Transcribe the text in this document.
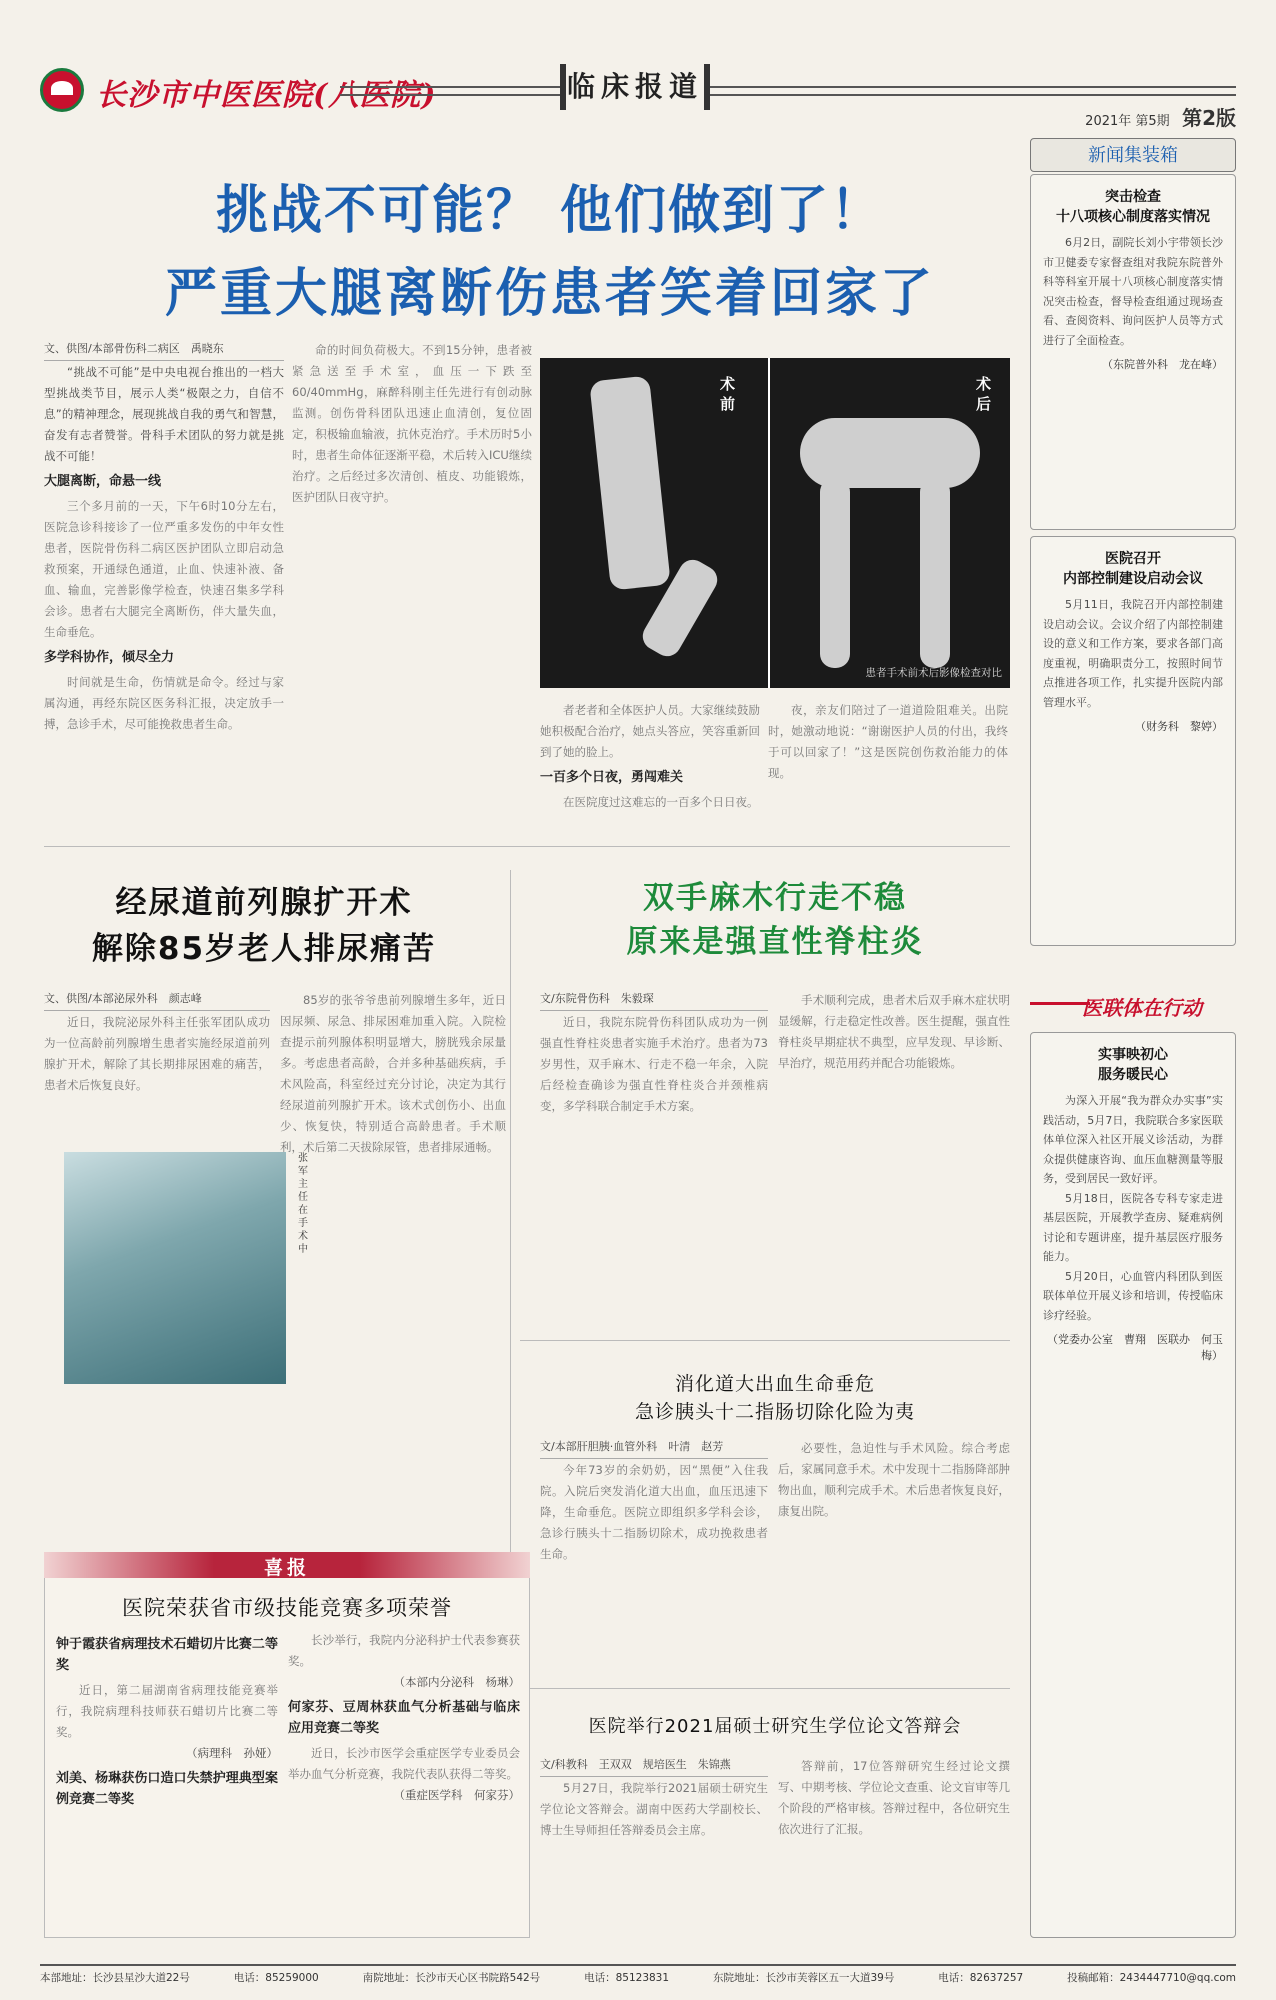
长沙市中医医院(八医院)	临床报道
2021年 第5期 第2版
挑战不可能？ 他们做到了！
严重大腿离断伤患者笑着回家了
文、供图/本部骨伤科二病区　禹晓东

“挑战不可能”是中央电视台推出的一档大型挑战类节目，展示人类“极限之力，自信不息”的精神理念，展现挑战自我的勇气和智慧，奋发有志者赞誉。骨科手术团队的努力就是挑战不可能！

大腿离断，命悬一线

三个多月前的一天，下午6时10分左右，医院急诊科接诊了一位严重多发伤的中年女性患者，医院骨伤科二病区医护团队立即启动急救预案，开通绿色通道，止血、快速补液、备血、输血，完善影像学检查，快速召集多学科会诊。患者右大腿完全离断伤，伴大量失血，生命垂危。

多学科协作，倾尽全力

时间就是生命，伤情就是命令。经过与家属沟通，再经东院区医务科汇报，决定放手一搏，急诊手术，尽可能挽救患者生命。

命的时间负荷极大。不到15分钟，患者被紧急送至手术室，血压一下跌至60/40mmHg，麻醉科刚主任先进行有创动脉监测。创伤骨科团队迅速止血清创，复位固定，积极输血输液，抗休克治疗。手术历时5小时，患者生命体征逐渐平稳，术后转入ICU继续治疗。之后经过多次清创、植皮、功能锻炼，医护团队日夜守护。

者老者和全体医护人员。大家继续鼓励她积极配合治疗，她点头答应，笑容重新回到了她的脸上。

一百多个日夜，勇闯难关

在医院度过这难忘的一百多个日日夜。

夜，亲友们陪过了一道道险阻难关。出院时，她激动地说：“谢谢医护人员的付出，我终于可以回家了！”这是医院创伤救治能力的体现。

术前
术后
患者手术前术后影像检查对比
经尿道前列腺扩开术
解除85岁老人排尿痛苦
文、供图/本部泌尿外科　颜志峰

近日，我院泌尿外科主任张军团队成功为一位高龄前列腺增生患者实施经尿道前列腺扩开术，解除了其长期排尿困难的痛苦，患者术后恢复良好。

张军主任在手术中

85岁的张爷爷患前列腺增生多年，近日因尿频、尿急、排尿困难加重入院。入院检查提示前列腺体积明显增大，膀胱残余尿量多。考虑患者高龄，合并多种基础疾病，手术风险高，科室经过充分讨论，决定为其行经尿道前列腺扩开术。该术式创伤小、出血少、恢复快，特别适合高龄患者。手术顺利，术后第二天拔除尿管，患者排尿通畅。

双手麻木行走不稳
原来是强直性脊柱炎
文/东院骨伤科　朱毅琛

近日，我院东院骨伤科团队成功为一例强直性脊柱炎患者实施手术治疗。患者为73岁男性，双手麻木、行走不稳一年余，入院后经检查确诊为强直性脊柱炎合并颈椎病变，多学科联合制定手术方案。

手术顺利完成，患者术后双手麻木症状明显缓解，行走稳定性改善。医生提醒，强直性脊柱炎早期症状不典型，应早发现、早诊断、早治疗，规范用药并配合功能锻炼。

消化道大出血生命垂危
急诊胰头十二指肠切除化险为夷
文/本部肝胆胰·血管外科　叶清　赵芳

今年73岁的余奶奶，因“黑便”入住我院。入院后突发消化道大出血，血压迅速下降，生命垂危。医院立即组织多学科会诊，急诊行胰头十二指肠切除术，成功挽救患者生命。

必要性，急迫性与手术风险。综合考虑后，家属同意手术。术中发现十二指肠降部肿物出血，顺利完成手术。术后患者恢复良好，康复出院。

医院举行2021届硕士研究生学位论文答辩会
文/科教科　王双双　规培医生　朱锦燕

5月27日，我院举行2021届硕士研究生学位论文答辩会。湖南中医药大学副校长、博士生导师担任答辩委员会主席。

答辩前，17位答辩研究生经过论文撰写、中期考核、学位论文查重、论文盲审等几个阶段的严格审核。答辩过程中，各位研究生依次进行了汇报。

喜报
医院荣获省市级技能竞赛多项荣誉
钟于霞获省病理技术石蜡切片比赛二等奖

近日，第二届湖南省病理技能竞赛举行，我院病理科技师获石蜡切片比赛二等奖。

（病理科　孙娅）
刘美、杨琳获伤口造口失禁护理典型案例竞赛二等奖

长沙举行，我院内分泌科护士代表参赛获奖。

（本部内分泌科　杨琳）
何家芬、豆周林获血气分析基础与临床应用竞赛二等奖

近日，长沙市医学会重症医学专业委员会举办血气分析竞赛，我院代表队获得二等奖。

（重症医学科　何家芬）
新闻集装箱
突击检查
十八项核心制度落实情况

6月2日，副院长刘小宇带领长沙市卫健委专家督查组对我院东院普外科等科室开展十八项核心制度落实情况突击检查，督导检查组通过现场查看、查阅资料、询问医护人员等方式进行了全面检查。

（东院普外科　龙在峰）
医院召开
内部控制建设启动会议

5月11日，我院召开内部控制建设启动会议。会议介绍了内部控制建设的意义和工作方案，要求各部门高度重视，明确职责分工，按照时间节点推进各项工作，扎实提升医院内部管理水平。

（财务科　黎婷）
医联体在行动
实事映初心
服务暖民心

为深入开展“我为群众办实事”实践活动，5月7日，我院联合多家医联体单位深入社区开展义诊活动，为群众提供健康咨询、血压血糖测量等服务，受到居民一致好评。

5月18日，医院各专科专家走进基层医院，开展教学查房、疑难病例讨论和专题讲座，提升基层医疗服务能力。

5月20日，心血管内科团队到医联体单位开展义诊和培训，传授临床诊疗经验。

（党委办公室　曹翔　医联办　何玉梅）
本部地址：长沙县星沙大道22号	电话：85259000	南院地址：长沙市天心区书院路542号	电话：85123831	东院地址：长沙市芙蓉区五一大道39号	电话：82637257	投稿邮箱：2434447710@qq.com
